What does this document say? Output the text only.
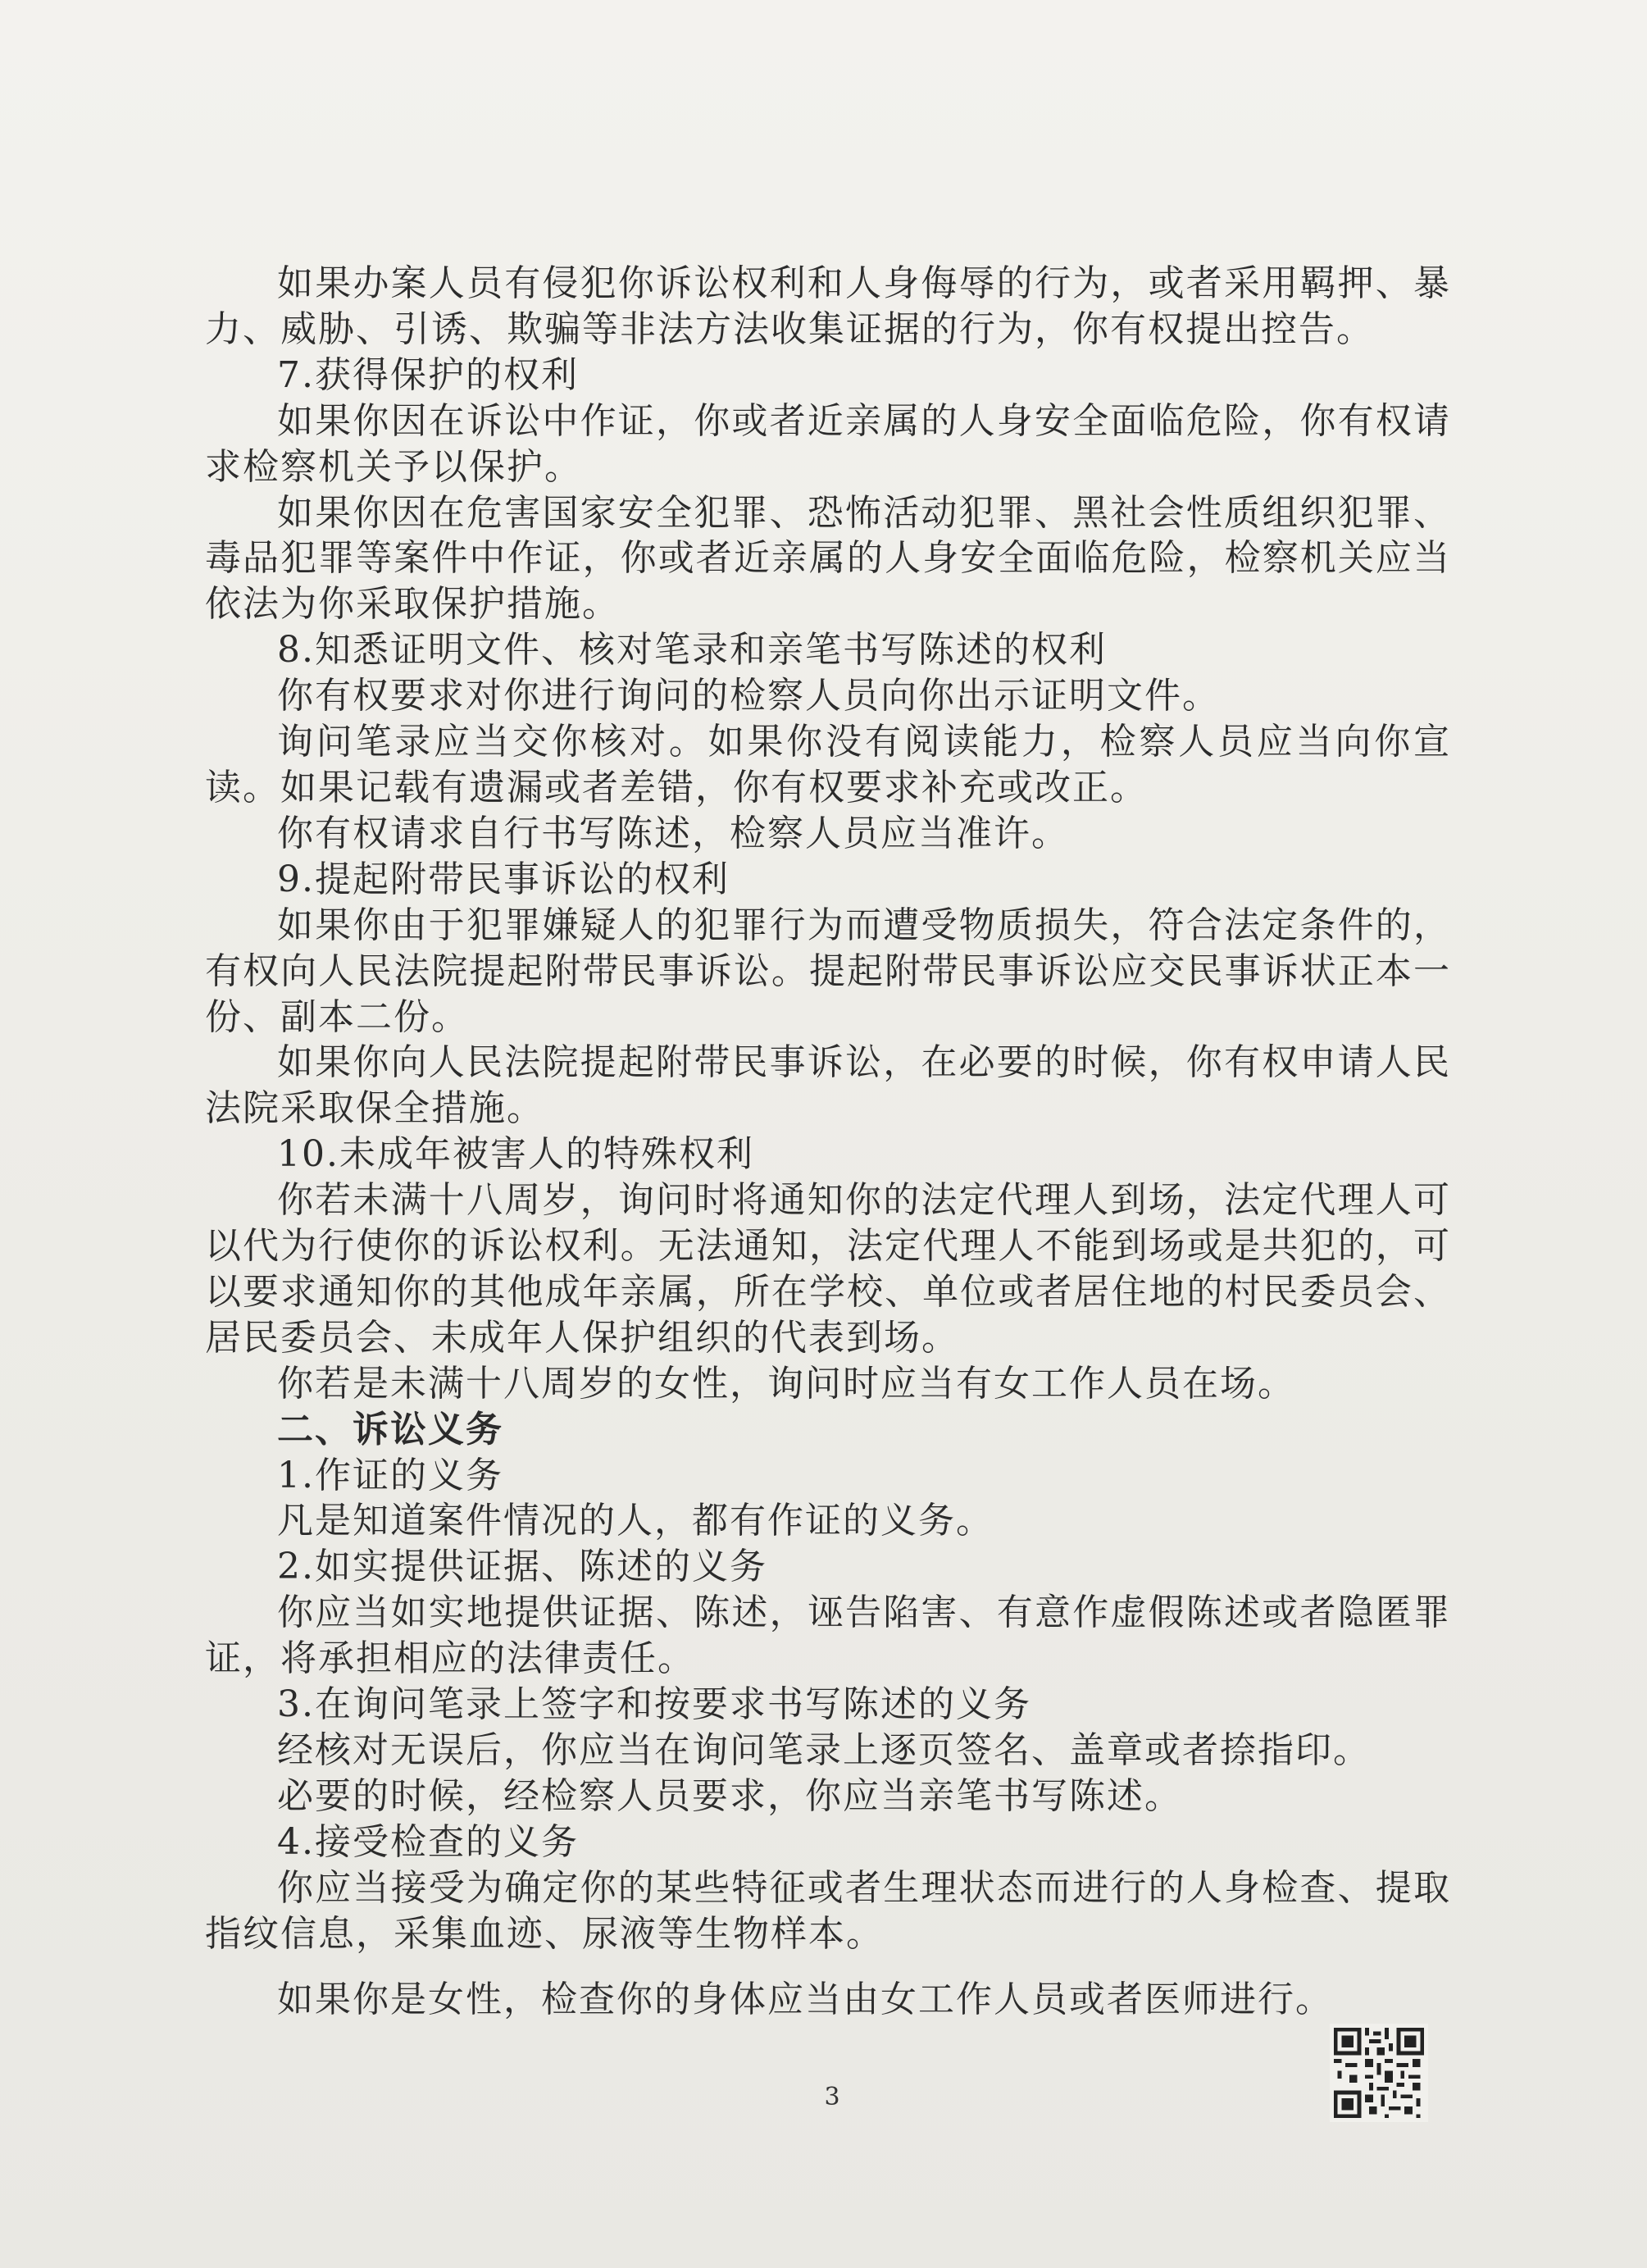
如果办案人员有侵犯你诉讼权利和人身侮辱的行为，或者采用羁押、暴力、威胁、引诱、欺骗等非法方法收集证据的行为，你有权提出控告。

7.获得保护的权利

如果你因在诉讼中作证，你或者近亲属的人身安全面临危险，你有权请求检察机关予以保护。

如果你因在危害国家安全犯罪、恐怖活动犯罪、黑社会性质组织犯罪、毒品犯罪等案件中作证，你或者近亲属的人身安全面临危险，检察机关应当依法为你采取保护措施。

8.知悉证明文件、核对笔录和亲笔书写陈述的权利

你有权要求对你进行询问的检察人员向你出示证明文件。

询问笔录应当交你核对。如果你没有阅读能力，检察人员应当向你宣读。如果记载有遗漏或者差错，你有权要求补充或改正。

你有权请求自行书写陈述，检察人员应当准许。

9.提起附带民事诉讼的权利

如果你由于犯罪嫌疑人的犯罪行为而遭受物质损失，符合法定条件的，有权向人民法院提起附带民事诉讼。提起附带民事诉讼应交民事诉状正本一份、副本二份。

如果你向人民法院提起附带民事诉讼，在必要的时候，你有权申请人民法院采取保全措施。

10.未成年被害人的特殊权利

你若未满十八周岁，询问时将通知你的法定代理人到场，法定代理人可以代为行使你的诉讼权利。无法通知，法定代理人不能到场或是共犯的，可以要求通知你的其他成年亲属，所在学校、单位或者居住地的村民委员会、居民委员会、未成年人保护组织的代表到场。

你若是未满十八周岁的女性，询问时应当有女工作人员在场。

二、诉讼义务

1.作证的义务

凡是知道案件情况的人，都有作证的义务。

2.如实提供证据、陈述的义务

你应当如实地提供证据、陈述，诬告陷害、有意作虚假陈述或者隐匿罪证，将承担相应的法律责任。

3.在询问笔录上签字和按要求书写陈述的义务

经核对无误后，你应当在询问笔录上逐页签名、盖章或者捺指印。

必要的时候，经检察人员要求，你应当亲笔书写陈述。

4.接受检查的义务

你应当接受为确定你的某些特征或者生理状态而进行的人身检查、提取指纹信息，采集血迹、尿液等生物样本。

如果你是女性，检查你的身体应当由女工作人员或者医师进行。

3
